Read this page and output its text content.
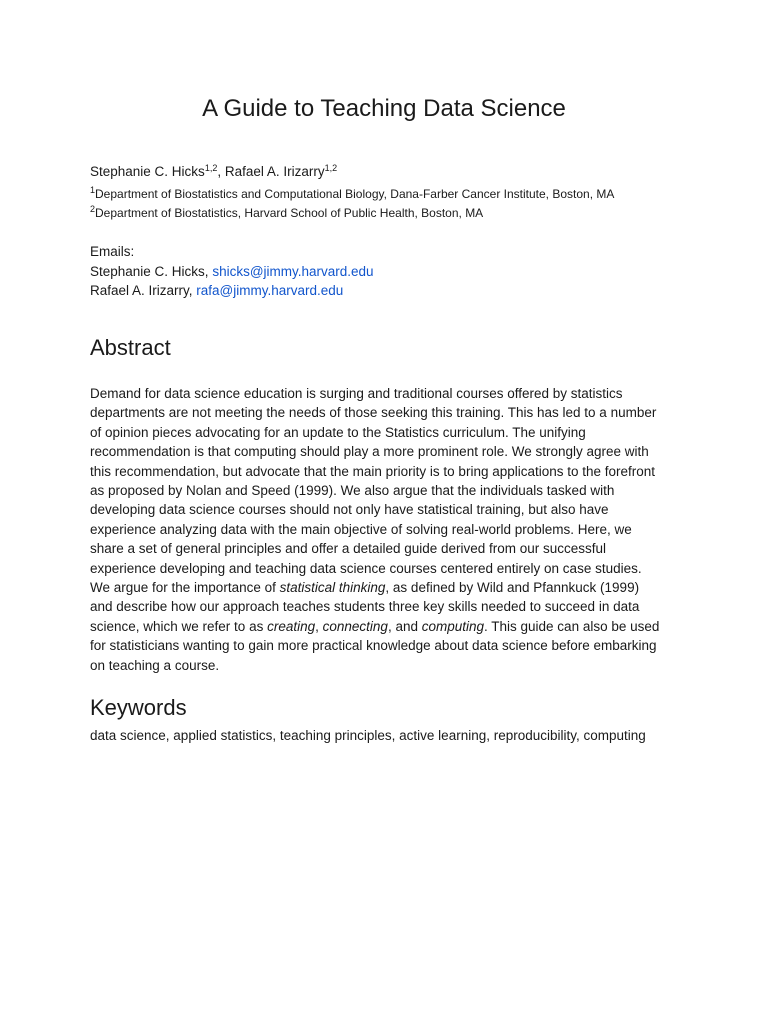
A Guide to Teaching Data Science
Stephanie C. Hicks$^{1,2}$, Rafael A. Irizarry$^{1,2}$
$^1$Department of Biostatistics and Computational Biology, Dana-Farber Cancer Institute, Boston, MA
$^2$Department of Biostatistics, Harvard School of Public Health, Boston, MA
Emails:
Stephanie C. Hicks, shicks@jimmy.harvard.edu
Rafael A. Irizarry, rafa@jimmy.harvard.edu
Abstract
Demand for data science education is surging and traditional courses offered by statistics
departments are not meeting the needs of those seeking this training. This has led to a number
of opinion pieces advocating for an update to the Statistics curriculum. The unifying
recommendation is that computing should play a more prominent role. We strongly agree with
this recommendation, but advocate that the main priority is to bring applications to the forefront
as proposed by Nolan and Speed (1999). We also argue that the individuals tasked with
developing data science courses should not only have statistical training, but also have
experience analyzing data with the main objective of solving real-world problems. Here, we
share a set of general principles and offer a detailed guide derived from our successful
experience developing and teaching data science courses centered entirely on case studies.
We argue for the importance of statistical thinking, as defined by Wild and Pfannkuck (1999)
and describe how our approach teaches students three key skills needed to succeed in data
science, which we refer to as creating, connecting, and computing. This guide can also be used
for statisticians wanting to gain more practical knowledge about data science before embarking
on teaching a course.
Keywords
data science, applied statistics, teaching principles, active learning, reproducibility, computing
